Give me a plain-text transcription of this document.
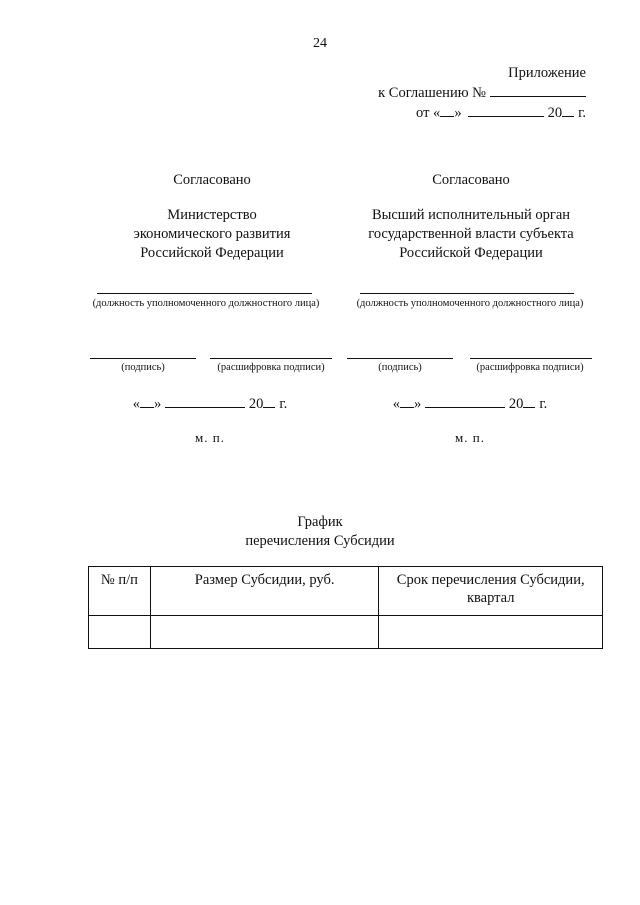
24
Приложение
к Соглашению №
от « »	20 г.
Согласовано
Министерство
экономического развития
Российской Федерации
(должность уполномоченного должностного лица)
(подпись)	(расшифровка подписи)
« »	20 г.
м. п.
Согласовано
Высший исполнительный орган
государственной власти субъекта
Российской Федерации
(должность уполномоченного должностного лица)
(подпись)	(расшифровка подписи)
« »	20 г.
м. п.
График
перечисления Субсидии
№ п/п	Размер Субсидии, руб.	Срок перечисления Субсидии, квартал
